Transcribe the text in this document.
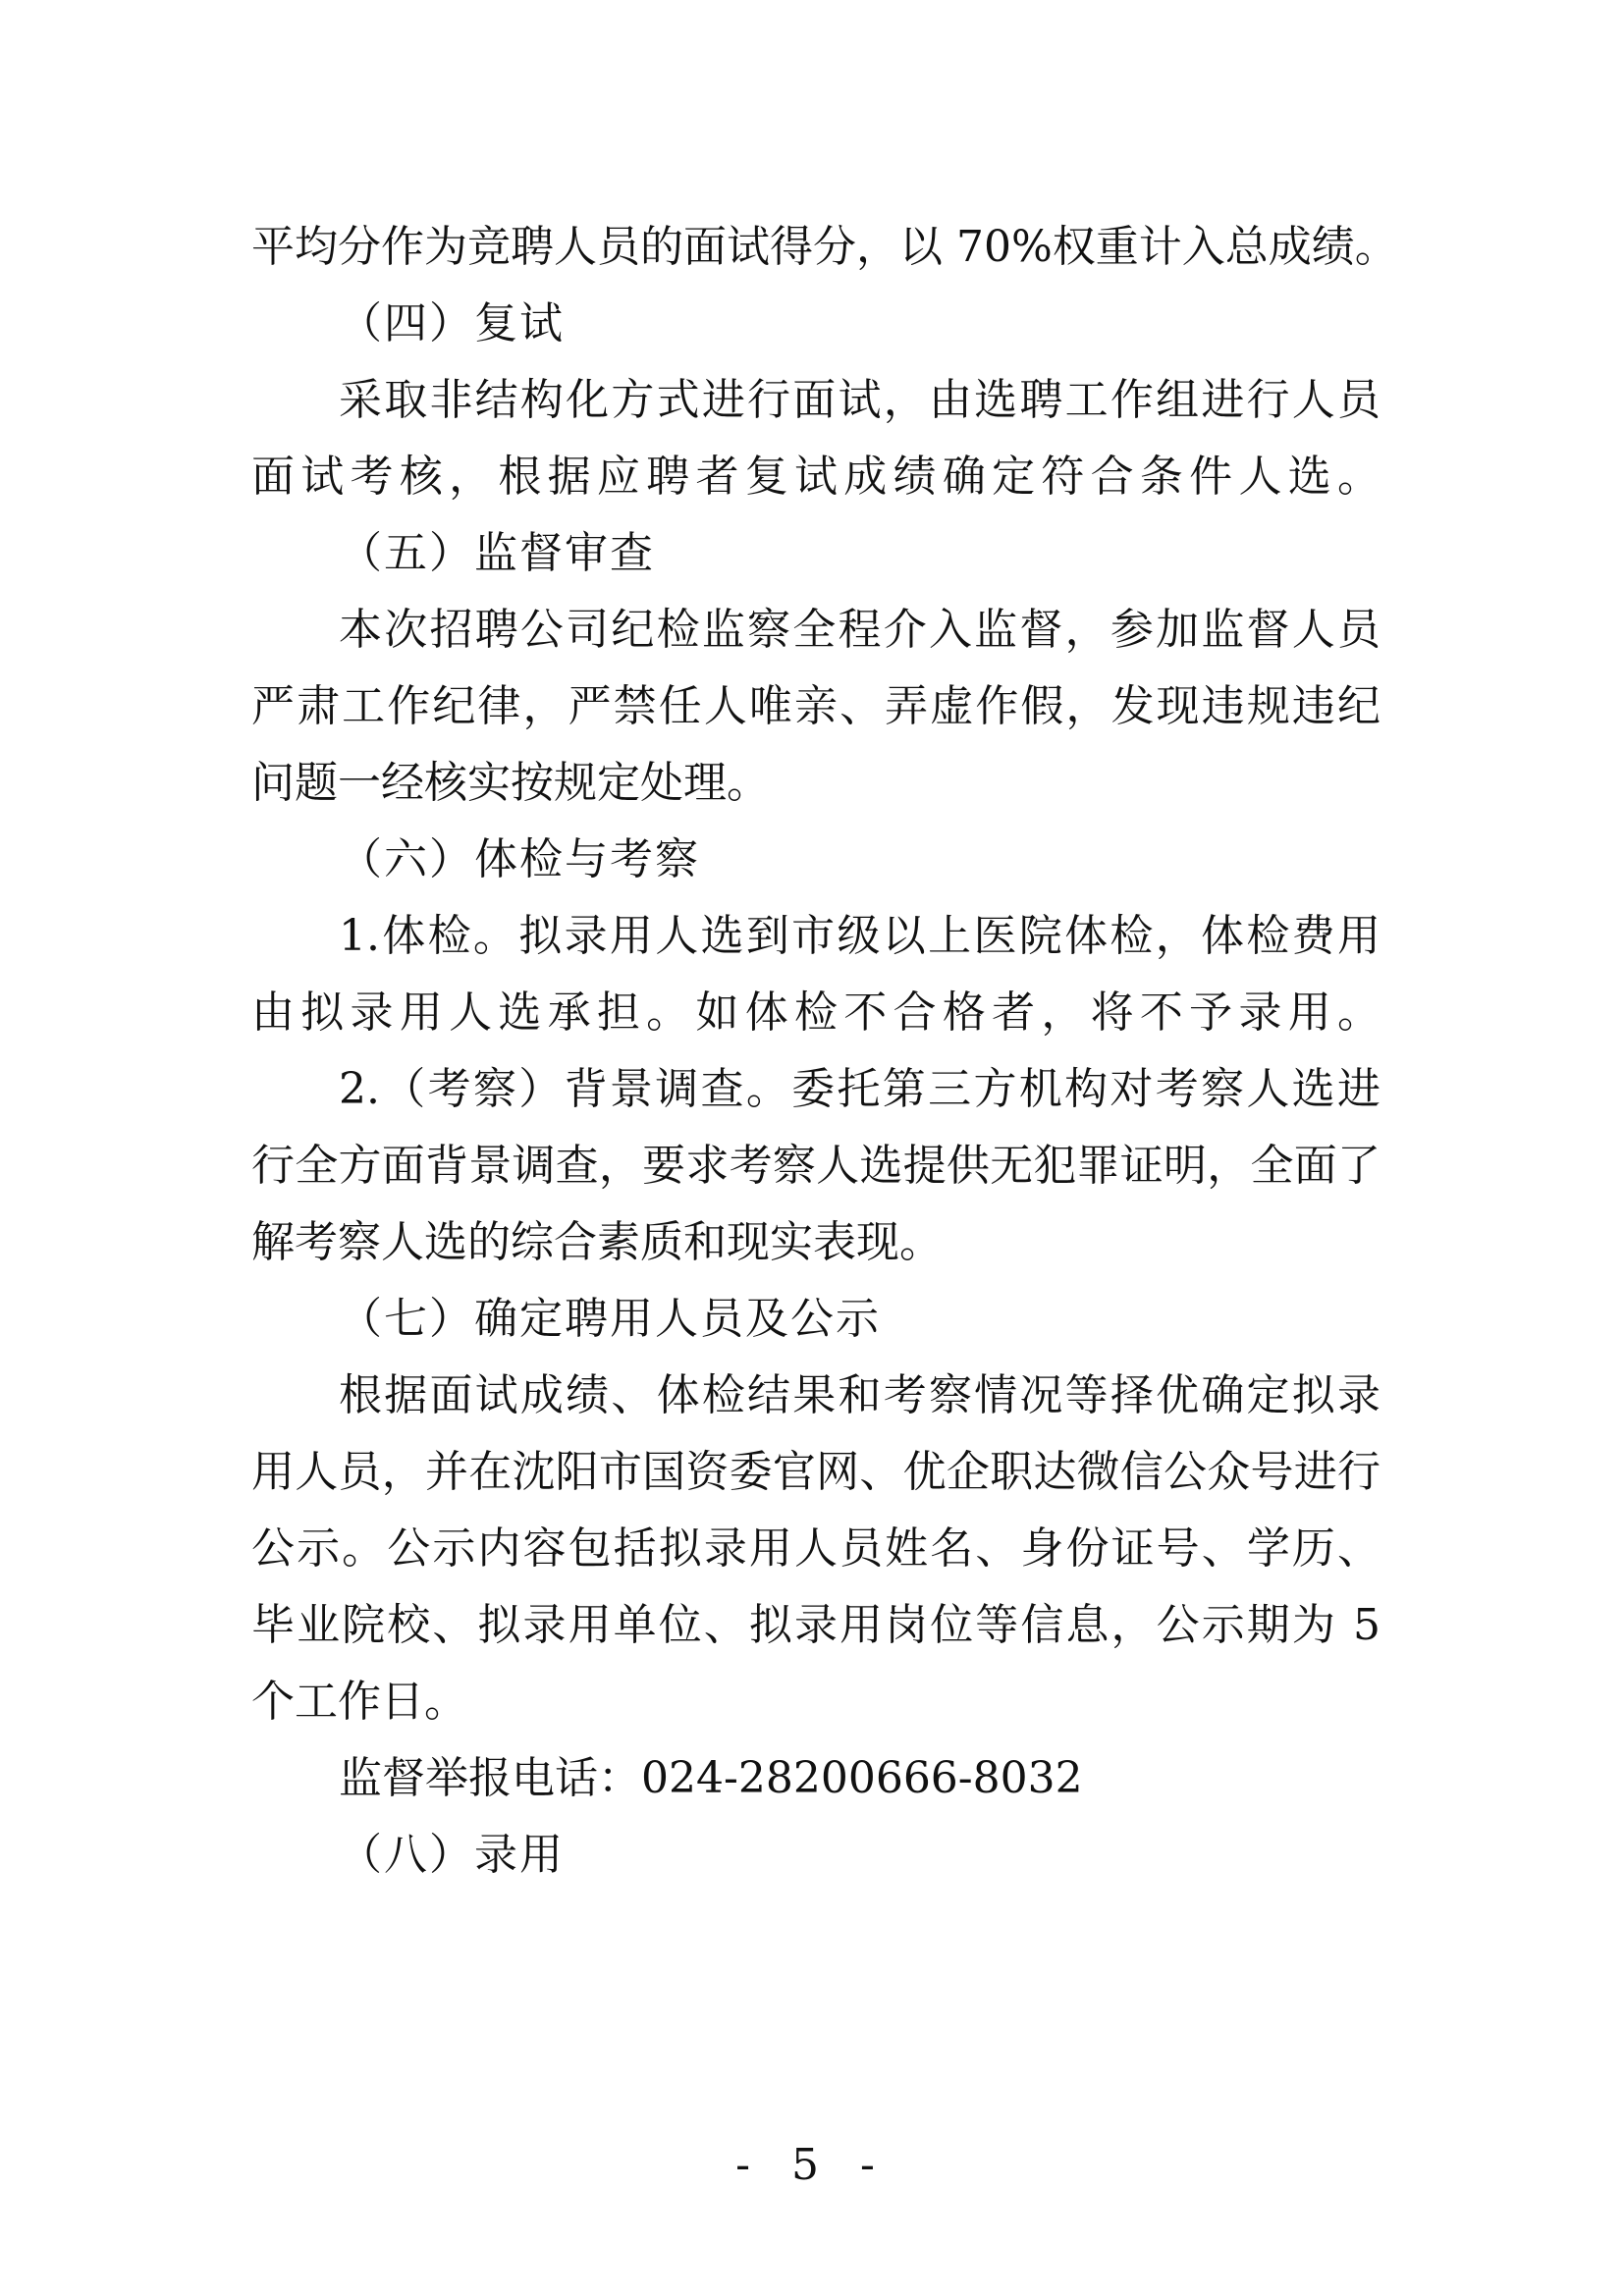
平均分作为竞聘人员的面试得分，以 70%权重计入总成绩。
（四）复试
采取非结构化方式进行面试，由选聘工作组进行人员
面试考核，根据应聘者复试成绩确定符合条件人选。
（五）监督审查
本次招聘公司纪检监察全程介入监督，参加监督人员
严肃工作纪律，严禁任人唯亲、弄虚作假，发现违规违纪
问题一经核实按规定处理。
（六）体检与考察
1.体检。拟录用人选到市级以上医院体检，体检费用
由拟录用人选承担。如体检不合格者，将不予录用。
2.（考察）背景调查。委托第三方机构对考察人选进
行全方面背景调查，要求考察人选提供无犯罪证明，全面了
解考察人选的综合素质和现实表现。
（七）确定聘用人员及公示
根据面试成绩、体检结果和考察情况等择优确定拟录
用人员，并在沈阳市国资委官网、优企职达微信公众号进行
公示。公示内容包括拟录用人员姓名、身份证号、学历、
毕业院校、拟录用单位、拟录用岗位等信息，公示期为 5
个工作日。
监督举报电话：024-28200666-8032
（八）录用
- 5 -
